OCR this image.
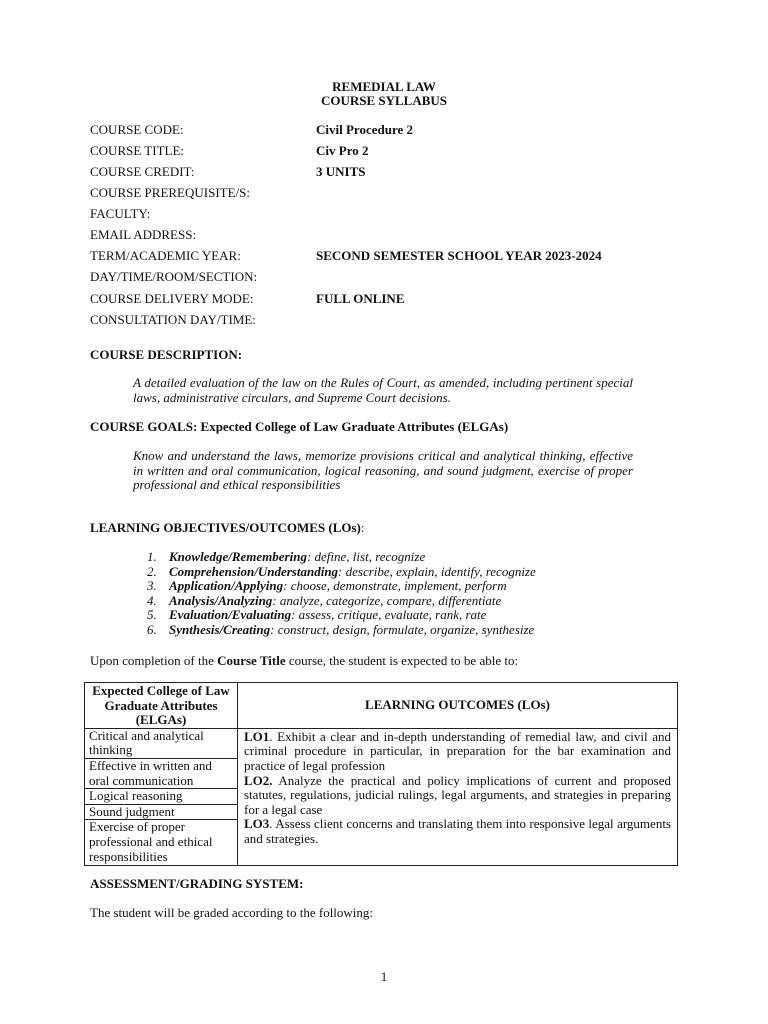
REMEDIAL LAW
COURSE SYLLABUS
COURSE CODE:	Civil Procedure 2
COURSE TITLE:	Civ Pro 2
COURSE CREDIT:	3 UNITS
COURSE PREREQUISITE/S:
FACULTY:
EMAIL ADDRESS:
TERM/ACADEMIC YEAR:	SECOND SEMESTER SCHOOL YEAR 2023-2024
DAY/TIME/ROOM/SECTION:
COURSE DELIVERY MODE:	FULL ONLINE
CONSULTATION DAY/TIME:
COURSE DESCRIPTION:
A detailed evaluation of the law on the Rules of Court, as amended, including pertinent special laws, administrative circulars, and Supreme Court decisions.
COURSE GOALS: Expected College of Law Graduate Attributes (ELGAs)
Know and understand the laws, memorize provisions critical and analytical thinking, effective in written and oral communication, logical reasoning, and sound judgment, exercise of proper professional and ethical responsibilities
LEARNING OBJECTIVES/OUTCOMES (LOs):
1. Knowledge/Remembering: define, list, recognize
2. Comprehension/Understanding: describe, explain, identify, recognize
3. Application/Applying: choose, demonstrate, implement, perform
4. Analysis/Analyzing: analyze, categorize, compare, differentiate
5. Evaluation/Evaluating: assess, critique, evaluate, rank, rate
6. Synthesis/Creating: construct, design, formulate, organize, synthesize
Upon completion of the Course Title course, the student is expected to be able to:
Expected College of Law Graduate Attributes (ELGAs)	LEARNING OUTCOMES (LOs)
Critical and analytical thinking	LO1. Exhibit a clear and in-depth understanding of remedial law, and civil and criminal procedure in particular, in preparation for the bar examination and practice of legal profession

LO2. Analyze the practical and policy implications of current and proposed statutes, regulations, judicial rulings, legal arguments, and strategies in preparing for a legal case

LO3. Assess client concerns and translating them into responsive legal arguments and strategies.

Effective in written and oral communication	
Logical reasoning	
Sound judgment	
Exercise of proper professional and ethical responsibilities	
ASSESSMENT/GRADING SYSTEM:
The student will be graded according to the following:
1
